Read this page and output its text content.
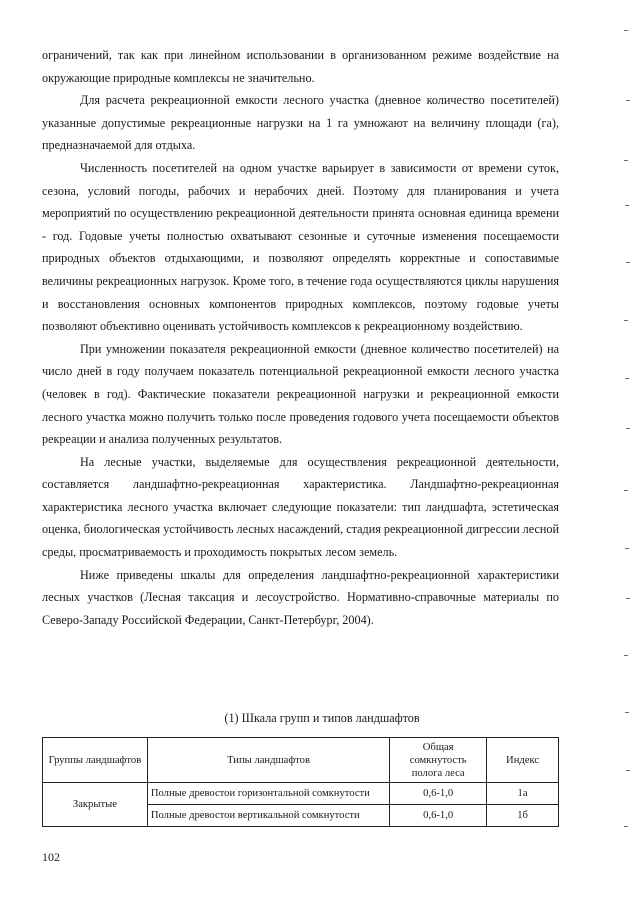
ограничений, так как при линейном использовании в организованном режиме воздействие на окружающие природные комплексы не значительно.

Для расчета рекреационной емкости лесного участка (дневное количество посетителей) указанные допустимые рекреационные нагрузки на 1 га умножают на величину площади (га), предназначаемой для отдыха.

Численность посетителей на одном участке варьирует в зависимости от времени суток, сезона, условий погоды, рабочих и нерабочих дней. Поэтому для планирования и учета мероприятий по осуществлению рекреационной деятельности принята основная единица времени - год. Годовые учеты полностью охватывают сезонные и суточные изменения посещаемости природных объектов отдыхающими, и позволяют определять корректные и сопоставимые величины рекреационных нагрузок. Кроме того, в течение года осуществляются циклы нарушения и восстановления основных компонентов природных комплексов, поэтому годовые учеты позволяют объективно оценивать устойчивость комплексов к рекреационному воздействию.

При умножении показателя рекреационной емкости (дневное количество посетителей) на число дней в году получаем показатель потенциальной рекреационной емкости лесного участка (человек в год). Фактические показатели рекреационной нагрузки и рекреационной емкости лесного участка можно получить только после проведения годового учета посещаемости объектов рекреации и анализа полученных результатов.

На лесные участки, выделяемые для осуществления рекреационной деятельности, составляется ландшафтно-рекреационная характеристика. Ландшафтно-рекреационная характеристика лесного участка включает следующие показатели: тип ландшафта, эстетическая оценка, биологическая устойчивость лесных насаждений, стадия рекреационной дигрессии лесной среды, просматриваемость и проходимость покрытых лесом земель.

Ниже приведены шкалы для определения ландшафтно-рекреационной характеристики лесных участков (Лесная таксация и лесоустройство. Нормативно-справочные материалы по Северо-Западу Российской Федерации, Санкт-Петербург, 2004).

(1) Шкала групп и типов ландшафтов
Группы ландшафтов	Типы ландшафтов	Общая сомкнутость полога леса	Индекс
Закрытые	Полные древостои горизонтальной сомкнутости	0,6-1,0	1а
	Полные древостои вертикальной сомкнутости	0,6-1,0	1б
102
